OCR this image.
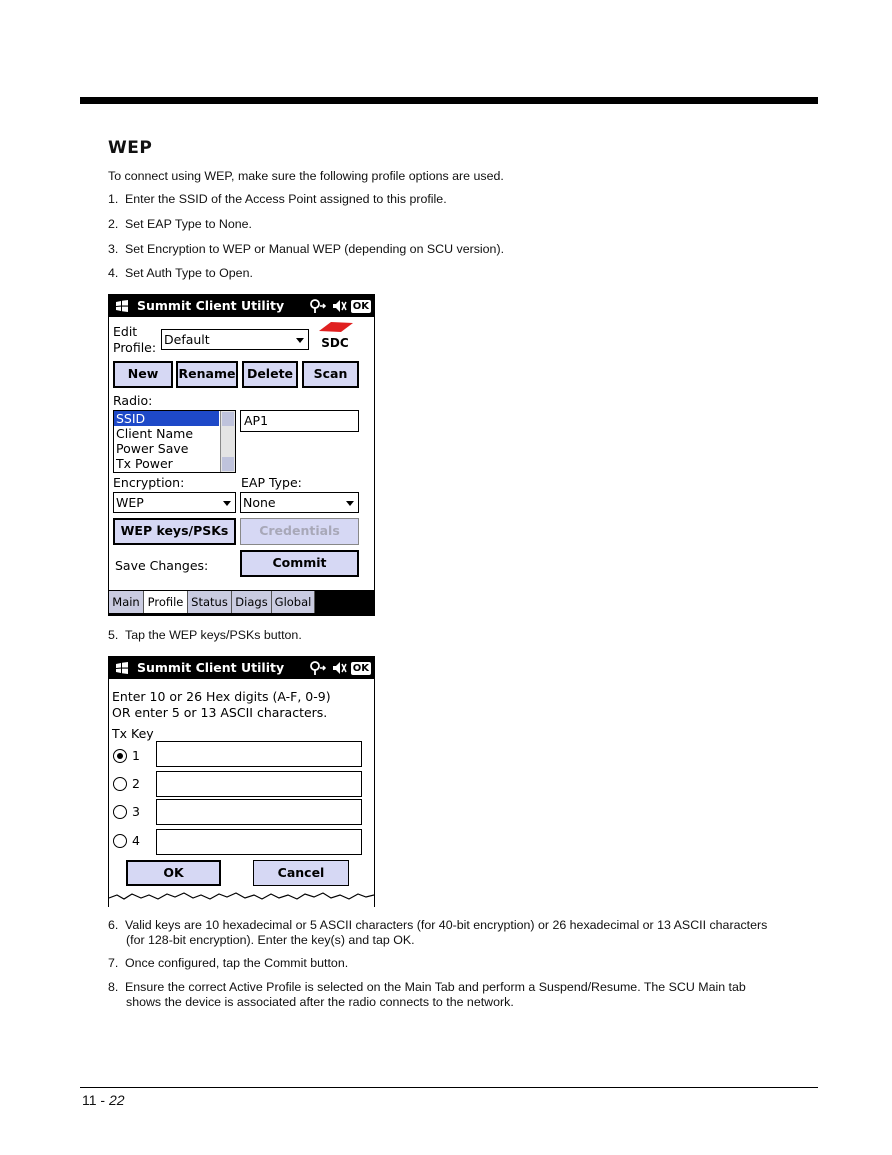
WEP
To connect using WEP, make sure the following profile options are used.
1. Enter the SSID of the Access Point assigned to this profile.
2. Set EAP Type to None.
3. Set Encryption to WEP or Manual WEP (depending on SCU version).
4. Set Auth Type to Open.
Summit Client Utility	OK
Edit
Profile:
Default	SDC
New	Rename Delete	Scan
Radio:
SSID
Client Name
Power Save
Tx Power
AP1
Encryption:	EAP Type:
WEP	None
WEP keys/PSKs	Credentials
Save Changes:	Commit
Main Profile Status Diags Global
5. Tap the WEP keys/PSKs button.
Summit Client Utility	OK
Enter 10 or 26 Hex digits (A-F, 0-9)
OR enter 5 or 13 ASCII characters.
Tx Key
1
2
3
4
OK	Cancel
6. Valid keys are 10 hexadecimal or 5 ASCII characters (for 40-bit encryption) or 26 hexadecimal or 13 ASCII characters
(for 128-bit encryption). Enter the key(s) and tap OK.
7. Once configured, tap the Commit button.
8. Ensure the correct Active Profile is selected on the Main Tab and perform a Suspend/Resume. The SCU Main tab
shows the device is associated after the radio connects to the network.
11 - 22
